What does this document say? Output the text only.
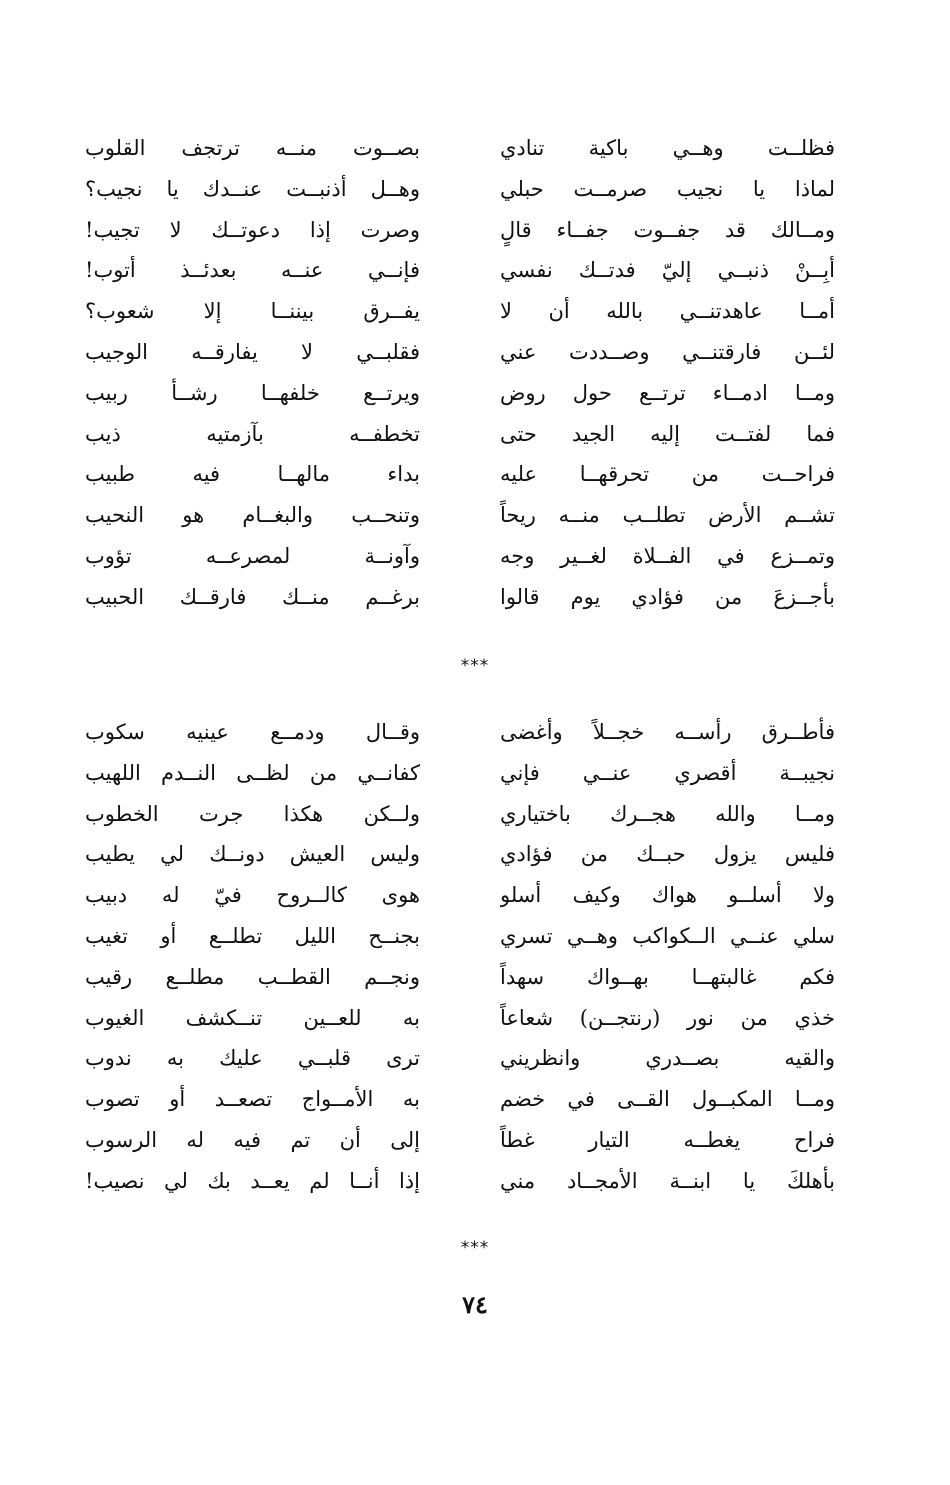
فظلــت وهــي باكية تنادي
لماذا يا نجيب صرمــت حبلي
ومــالك قد جفــوت جفــاء قالٍ
أبِــنْ ذنبــي إليّ فدتــك نفسي
أمــا عاهدتنــي بالله أن لا
لئــن فارقتنــي وصــددت عني
ومــا ادمــاء ترتــع حول روض
فما لفتــت إليه الجيد حتى
فراحــت من تحرقهــا عليه
تشــم الأرض تطلــب منــه ريحاً
وتمــزع في الفــلاة لغــير وجه
بأجــزعَ من فؤادي يوم قالوا
بصــوت منــه ترتجف القلوب
وهــل أذنبــت عنــدك يا نجيب؟
وصرت إذا دعوتــك لا تجيب!
فإنــي عنــه بعدئــذ أتوب!
يفــرق بيننــا إلا شعوب؟
فقلبــي لا يفارقــه الوجيب
ويرتــع خلفهــا رشــأ ربيب
تخطفــه بآزمتيه ذيب
بداء مالهــا فيه طبيب
وتنحــب والبغــام هو النحيب
وآونــة لمصرعــه تؤوب
برغــم منــك فارقــك الحبيب
***
فأطــرق رأســه خجــلاً وأغضى
نجيبــة أقصري عنــي فإني
ومــا والله هجــرك باختياري
فليس يزول حبــك من فؤادي
ولا أسلــو هواك وكيف أسلو
سلي عنــي الــكواكب وهــي تسري
فكم غالبتهــا بهــواك سهداً
خذي من نور (رنتجــن) شعاعاً
والقيه بصــدري وانظريني
ومــا المكبــول القــى في خضم
فراح يغطــه التيار غطاً
بأهلكَ يا ابنــة الأمجــاد مني
وقــال ودمــع عينيه سكوب
كفانــي من لظــى النــدم اللهيب
ولــكن هكذا جرت الخطوب
وليس العيش دونــك لي يطيب
هوى كالــروح فيّ له دبيب
بجنــح الليل تطلــع أو تغيب
ونجــم القطــب مطلــع رقيب
به للعــين تنــكشف الغيوب
ترى قلبــي عليك به ندوب
به الأمــواج تصعــد أو تصوب
إلى أن تم فيه له الرسوب
إذا أنــا لم يعــد بك لي نصيب!
***
٧٤
